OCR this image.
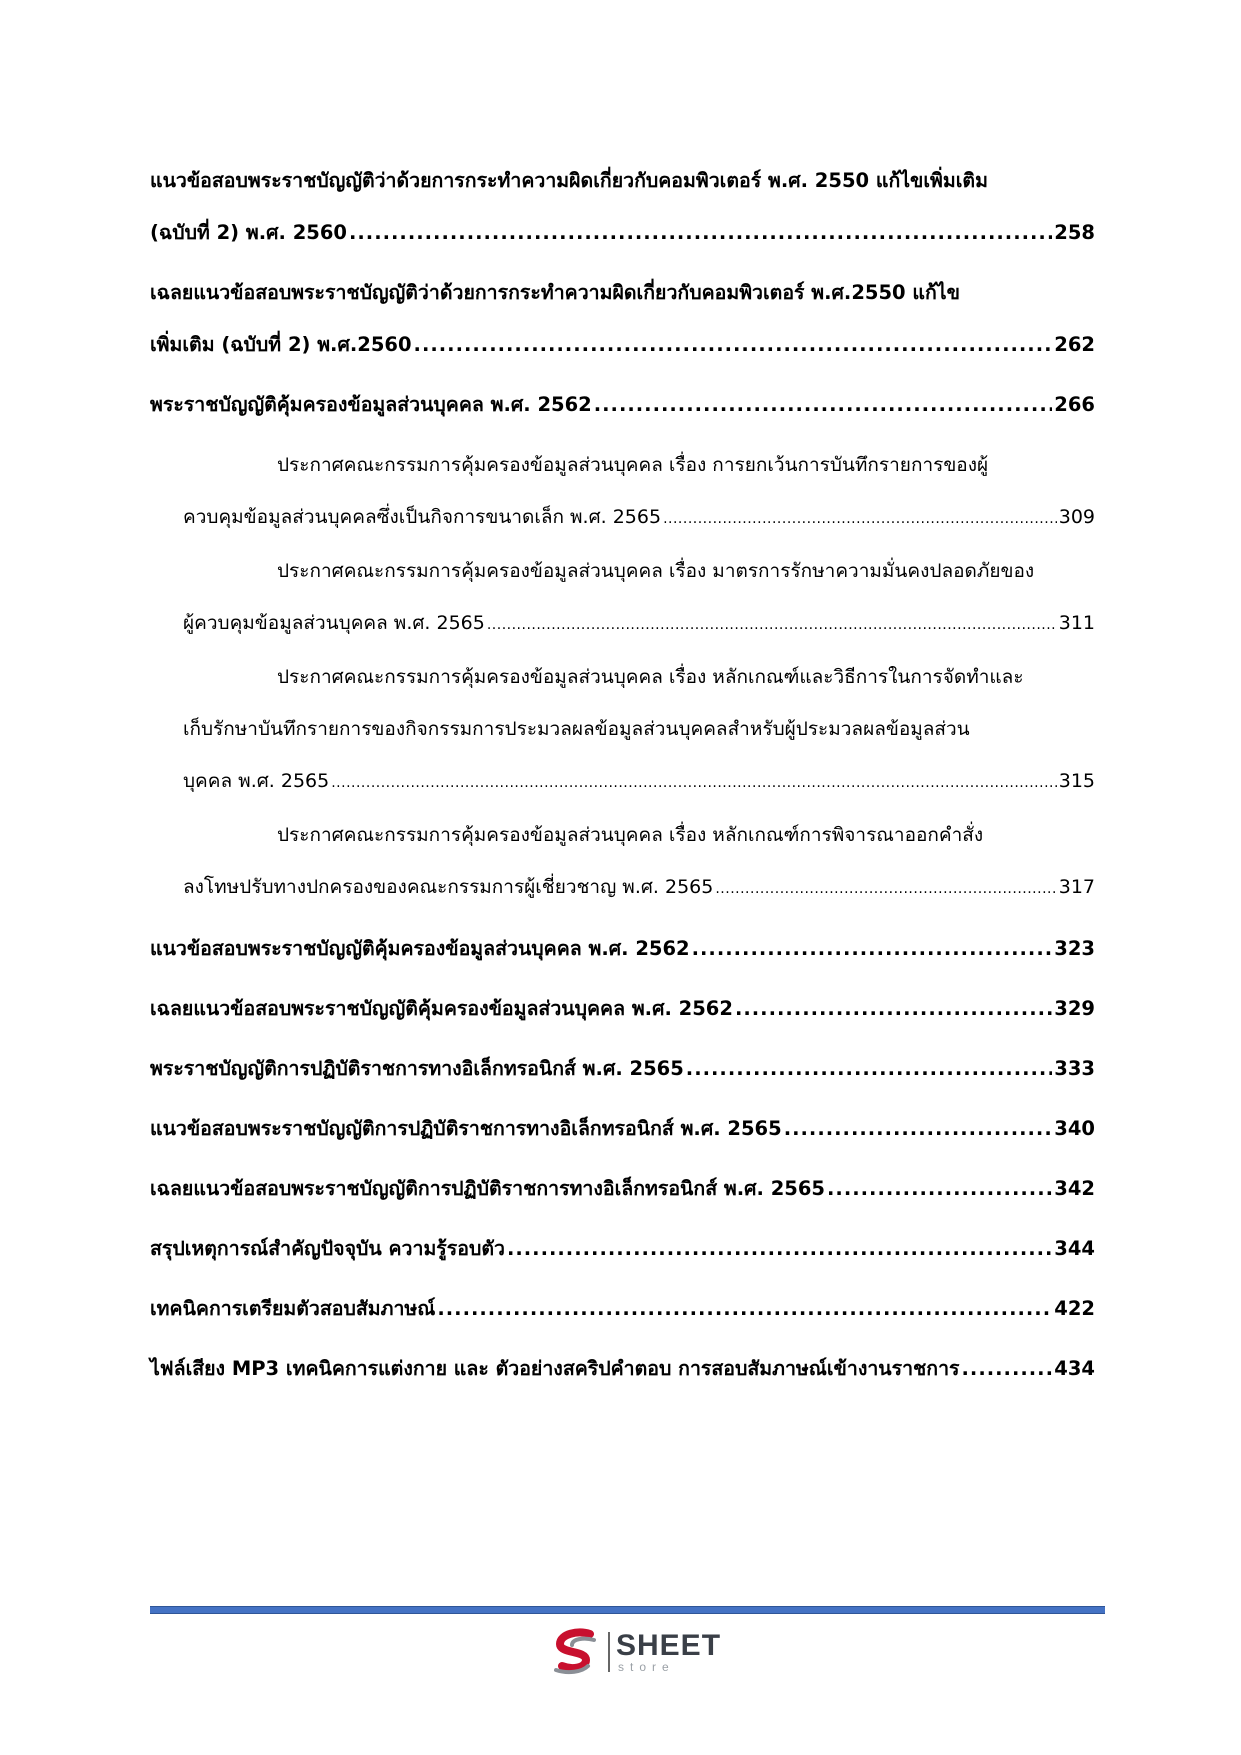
แนวข้อสอบพระราชบัญญัติว่าด้วยการกระทำความผิดเกี่ยวกับคอมพิวเตอร์ พ.ศ. 2550 แก้ไขเพิ่มเติม
(ฉบับที่ 2) พ.ศ. 2560 .....	258
เฉลยแนวข้อสอบพระราชบัญญัติว่าด้วยการกระทำความผิดเกี่ยวกับคอมพิวเตอร์ พ.ศ.2550 แก้ไข
เพิ่มเติม (ฉบับที่ 2) พ.ศ.2560 .....	262
พระราชบัญญัติคุ้มครองข้อมูลส่วนบุคคล พ.ศ. 2562 .....	266
ประกาศคณะกรรมการคุ้มครองข้อมูลส่วนบุคคล เรื่อง การยกเว้นการบันทึกรายการของผู้
ควบคุมข้อมูลส่วนบุคคลซึ่งเป็นกิจการขนาดเล็ก พ.ศ. 2565 .....	309
ประกาศคณะกรรมการคุ้มครองข้อมูลส่วนบุคคล เรื่อง มาตรการรักษาความมั่นคงปลอดภัยของ
ผู้ควบคุมข้อมูลส่วนบุคคล พ.ศ. 2565 .....	311
ประกาศคณะกรรมการคุ้มครองข้อมูลส่วนบุคคล เรื่อง หลักเกณฑ์และวิธีการในการจัดทำและ
เก็บรักษาบันทึกรายการของกิจกรรมการประมวลผลข้อมูลส่วนบุคคลสำหรับผู้ประมวลผลข้อมูลส่วน
บุคคล พ.ศ. 2565 .....	315
ประกาศคณะกรรมการคุ้มครองข้อมูลส่วนบุคคล เรื่อง หลักเกณฑ์การพิจารณาออกคำสั่ง
ลงโทษปรับทางปกครองของคณะกรรมการผู้เชี่ยวชาญ พ.ศ. 2565 .....	317
แนวข้อสอบพระราชบัญญัติคุ้มครองข้อมูลส่วนบุคคล พ.ศ. 2562 .....	323
เฉลยแนวข้อสอบพระราชบัญญัติคุ้มครองข้อมูลส่วนบุคคล พ.ศ. 2562 .....	329
พระราชบัญญัติการปฏิบัติราชการทางอิเล็กทรอนิกส์ พ.ศ. 2565 .....	333
แนวข้อสอบพระราชบัญญัติการปฏิบัติราชการทางอิเล็กทรอนิกส์ พ.ศ. 2565 .....	340
เฉลยแนวข้อสอบพระราชบัญญัติการปฏิบัติราชการทางอิเล็กทรอนิกส์ พ.ศ. 2565 .....	342
สรุปเหตุการณ์สำคัญปัจจุบัน ความรู้รอบตัว .....	344
เทคนิคการเตรียมตัวสอบสัมภาษณ์ .....	422
ไฟล์เสียง MP3 เทคนิคการแต่งกาย และ ตัวอย่างสคริปคำตอบ การสอบสัมภาษณ์เข้างานราชการ .....	434
SHEET
store
